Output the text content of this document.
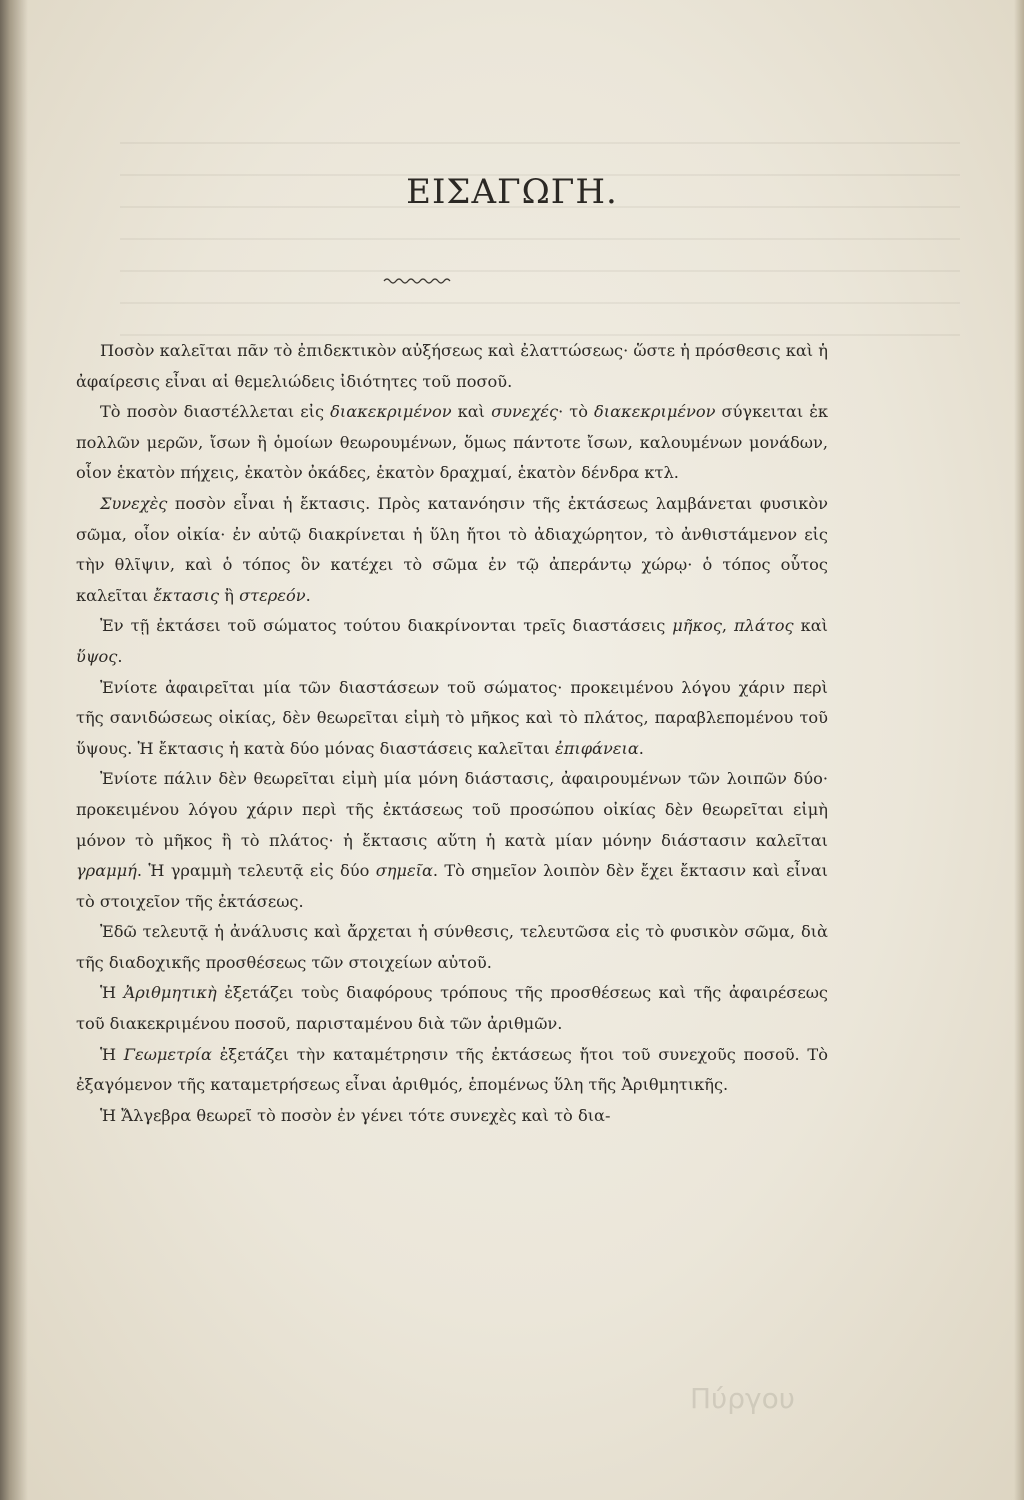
Πύργου
ΕΙΣΑΓΩΓΗ.

Ποσὸν καλεῖται πᾶν τὸ ἐπιδεκτικὸν αὐξήσεως καὶ ἐλαττώσεως· ὥστε ἡ πρόσθεσις καὶ ἡ ἀφαίρεσις εἶναι αἱ θεμελιώδεις ἰδιότητες τοῦ ποσοῦ.

Τὸ ποσὸν διαστέλλεται εἰς διακεκριμένον καὶ συνεχές· τὸ διακεκριμένον σύγκειται ἐκ πολλῶν μερῶν, ἴσων ἢ ὁμοίων θεωρουμένων, ὅμως πάντοτε ἴσων, καλουμένων μονάδων, οἷον ἑκατὸν πήχεις, ἑκατὸν ὀκάδες, ἑκατὸν δραχμαί, ἑκατὸν δένδρα κτλ.

Συνεχὲς ποσὸν εἶναι ἡ ἔκτασις. Πρὸς κατανόησιν τῆς ἐκτάσεως λαμβάνεται φυσικὸν σῶμα, οἷον οἰκία· ἐν αὐτῷ διακρίνεται ἡ ὕλη ἤτοι τὸ ἀδιαχώρητον, τὸ ἀνθιστάμενον εἰς τὴν θλῖψιν, καὶ ὁ τόπος ὃν κατέχει τὸ σῶμα ἐν τῷ ἀπεράντῳ χώρῳ· ὁ τόπος οὗτος καλεῖται ἔκτασις ἢ στερεόν.

Ἐν τῇ ἐκτάσει τοῦ σώματος τούτου διακρίνονται τρεῖς διαστάσεις μῆκος, πλάτος καὶ ὕψος.

Ἐνίοτε ἀφαιρεῖται μία τῶν διαστάσεων τοῦ σώματος· προκειμένου λόγου χάριν περὶ τῆς σανιδώσεως οἰκίας, δὲν θεωρεῖται εἰμὴ τὸ μῆκος καὶ τὸ πλάτος, παραβλεπομένου τοῦ ὕψους. Ἡ ἔκτασις ἡ κατὰ δύο μόνας διαστάσεις καλεῖται ἐπιφάνεια.

Ἐνίοτε πάλιν δὲν θεωρεῖται εἰμὴ μία μόνη διάστασις, ἀφαιρουμένων τῶν λοιπῶν δύο· προκειμένου λόγου χάριν περὶ τῆς ἐκτάσεως τοῦ προσώπου οἰκίας δὲν θεωρεῖται εἰμὴ μόνον τὸ μῆκος ἢ τὸ πλάτος· ἡ ἔκτασις αὕτη ἡ κατὰ μίαν μόνην διάστασιν καλεῖται γραμμή. Ἡ γραμμὴ τελευτᾷ εἰς δύο σημεῖα. Τὸ σημεῖον λοιπὸν δὲν ἔχει ἔκτασιν καὶ εἶναι τὸ στοιχεῖον τῆς ἐκτάσεως.

Ἐδῶ τελευτᾷ ἡ ἀνάλυσις καὶ ἄρχεται ἡ σύνθεσις, τελευτῶσα εἰς τὸ φυσικὸν σῶμα, διὰ τῆς διαδοχικῆς προσθέσεως τῶν στοιχείων αὐτοῦ.

Ἡ Ἀριθμητικὴ ἐξετάζει τοὺς διαφόρους τρόπους τῆς προσθέσεως καὶ τῆς ἀφαιρέσεως τοῦ διακεκριμένου ποσοῦ, παρισταμένου διὰ τῶν ἀριθμῶν.

Ἡ Γεωμετρία ἐξετάζει τὴν καταμέτρησιν τῆς ἐκτάσεως ἤτοι τοῦ συνεχοῦς ποσοῦ. Τὸ ἐξαγόμενον τῆς καταμετρήσεως εἶναι ἀριθμός, ἑπομένως ὕλη τῆς Ἀριθμητικῆς.

Ἡ Ἄλγεβρα θεωρεῖ τὸ ποσὸν ἐν γένει τότε συνεχὲς καὶ τὸ δια-
